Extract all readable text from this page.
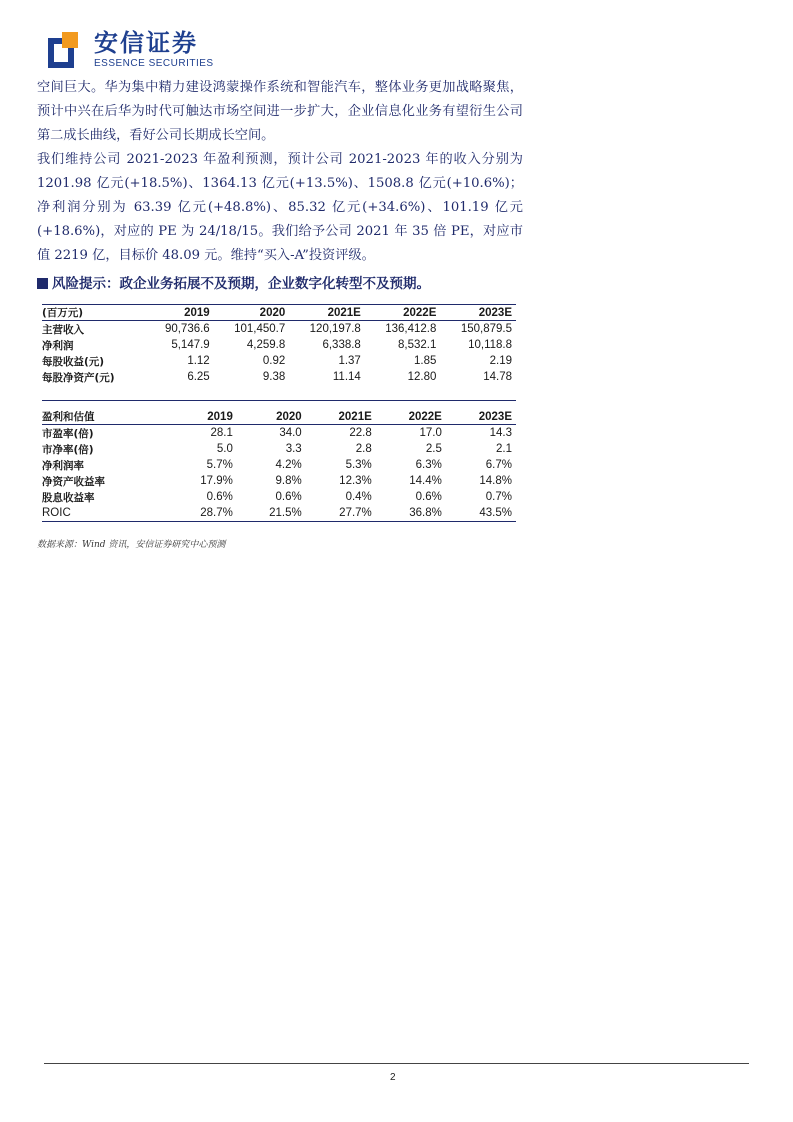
安信证券
ESSENCE SECURITIES

空间巨大。华为集中精力建设鸿蒙操作系统和智能汽车，整体业务更加战略聚焦，预计中兴在后华为时代可触达市场空间进一步扩大，企业信息化业务有望衍生公司第二成长曲线，看好公司长期成长空间。

我们维持公司 2021-2023 年盈利预测，预计公司 2021-2023 年的收入分别为 1201.98 亿元(+18.5%)、1364.13 亿元(+13.5%)、1508.8 亿元(+10.6%)；净利润分别为 63.39 亿元(+48.8%)、85.32 亿元(+34.6%)、101.19 亿元(+18.6%)，对应的 PE 为 24/18/15。我们给予公司 2021 年 35 倍 PE，对应市值 2219 亿，目标价 48.09 元。维持“买入-A”投资评级。

风险提示：政企业务拓展不及预期，企业数字化转型不及预期。
(百万元)	2019	2020	2021E	2022E	2023E
主营收入	90,736.6	101,450.7	120,197.8	136,412.8	150,879.5
净利润	5,147.9	4,259.8	6,338.8	8,532.1	10,118.8
每股收益(元)	1.12	0.92	1.37	1.85	2.19
每股净资产(元)	6.25	9.38	11.14	12.80	14.78
盈利和估值	2019	2020	2021E	2022E	2023E
市盈率(倍)	28.1	34.0	22.8	17.0	14.3
市净率(倍)	5.0	3.3	2.8	2.5	2.1
净利润率	5.7%	4.2%	5.3%	6.3%	6.7%
净资产收益率	17.9%	9.8%	12.3%	14.4%	14.8%
股息收益率	0.6%	0.6%	0.4%	0.6%	0.7%
ROIC	28.7%	21.5%	27.7%	36.8%	43.5%
数据来源：Wind 资讯，安信证券研究中心预测
2
